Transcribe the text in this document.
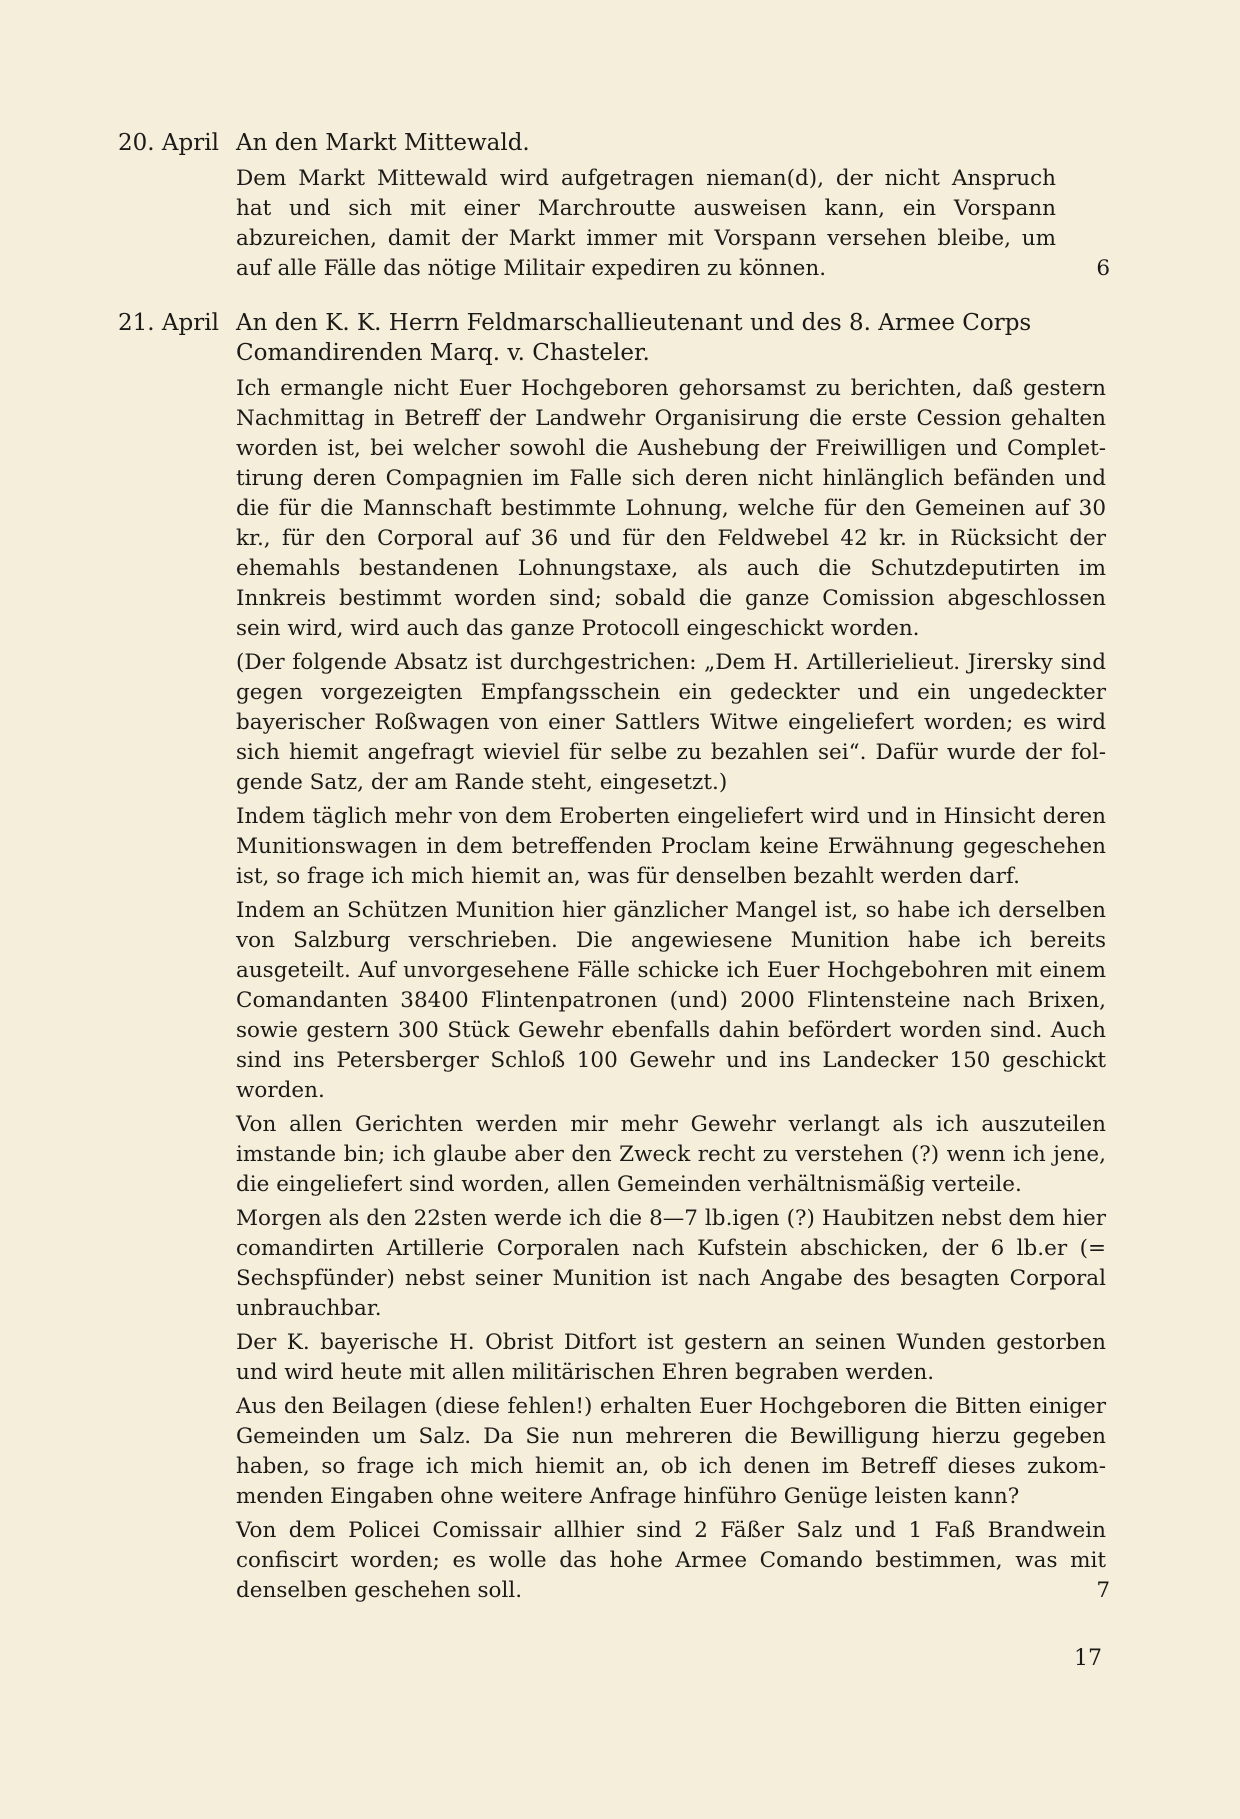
20. April An den Markt Mittewald.

Dem Markt Mittewald wird aufgetragen nieman(d), der nicht Anspruch hat und sich mit einer Marchroutte ausweisen kann, ein Vorspann abzureichen, damit der Markt immer mit Vorspann versehen bleibe, um auf alle Fälle das nötige Militair expediren zu können.	6
21. April An den K. K. Herrn Feldmarschallieutenant und des 8. Armee Corps Comandirenden Marq. v. Chasteler.

Ich ermangle nicht Euer Hochgeboren gehorsamst zu berichten, daß gestern Nachmittag in Betreff der Landwehr Organisirung die erste Cession gehalten worden ist, bei welcher sowohl die Aushebung der Freiwilligen und Complettirung deren Compagnien im Falle sich deren nicht hinlänglich befänden und die für die Mannschaft bestimmte Lohnung, welche für den Gemeinen auf 30 kr., für den Corporal auf 36 und für den Feldwebel 42 kr. in Rücksicht der ehemahls bestandenen Lohnungstaxe, als auch die Schutzdeputirten im Innkreis bestimmt worden sind; sobald die ganze Comission abgeschlossen sein wird, wird auch das ganze Protocoll eingeschickt worden.

(Der folgende Absatz ist durchgestrichen: „Dem H. Artillerielieut. Jirersky sind gegen vorgezeigten Empfangsschein ein gedeckter und ein ungedeckter bayerischer Roßwagen von einer Sattlers Witwe eingeliefert worden; es wird sich hiemit angefragt wieviel für selbe zu bezahlen sei“. Dafür wurde der folgende Satz, der am Rande steht, eingesetzt.)

Indem täglich mehr von dem Eroberten eingeliefert wird und in Hinsicht deren Munitionswagen in dem betreffenden Proclam keine Erwähnung gegeschehen ist, so frage ich mich hiemit an, was für denselben bezahlt werden darf.

Indem an Schützen Munition hier gänzlicher Mangel ist, so habe ich derselben von Salzburg verschrieben. Die angewiesene Munition habe ich bereits ausgeteilt. Auf unvorgesehene Fälle schicke ich Euer Hochgebohren mit einem Comandanten 38400 Flintenpatronen (und) 2000 Flintensteine nach Brixen, sowie gestern 300 Stück Gewehr ebenfalls dahin befördert worden sind. Auch sind ins Petersberger Schloß 100 Gewehr und ins Landecker 150 geschickt worden.

Von allen Gerichten werden mir mehr Gewehr verlangt als ich auszuteilen imstande bin; ich glaube aber den Zweck recht zu verstehen (?) wenn ich jene, die eingeliefert sind worden, allen Gemeinden verhältnismäßig verteile.

Morgen als den 22sten werde ich die 8—7 lb.igen (?) Haubitzen nebst dem hier comandirten Artillerie Corporalen nach Kufstein abschicken, der 6 lb.er (= Sechspfünder) nebst seiner Munition ist nach Angabe des besagten Corporal unbrauchbar.

Der K. bayerische H. Obrist Ditfort ist gestern an seinen Wunden gestorben und wird heute mit allen militärischen Ehren begraben werden.

Aus den Beilagen (diese fehlen!) erhalten Euer Hochgeboren die Bitten einiger Gemeinden um Salz. Da Sie nun mehreren die Bewilligung hierzu gegeben haben, so frage ich mich hiemit an, ob ich denen im Betreff dieses zukommenden Eingaben ohne weitere Anfrage hinführo Genüge leisten kann?

Von dem Policei Comissair allhier sind 2 Fäßer Salz und 1 Faß Brandwein confiscirt worden; es wolle das hohe Armee Comando bestimmen, was mit denselben geschehen soll.	7
17
